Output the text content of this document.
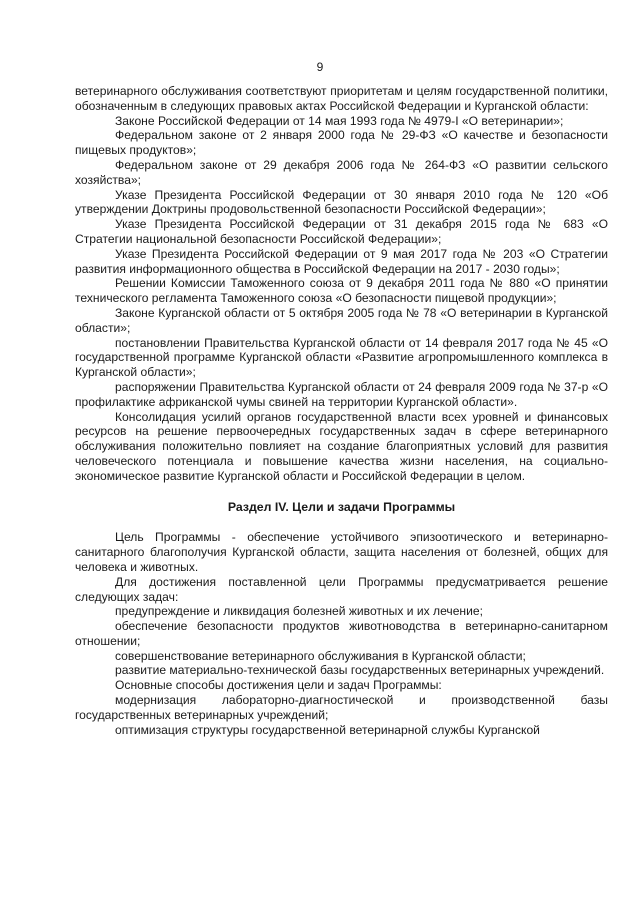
9

ветеринарного обслуживания соответствуют приоритетам и целям государственной политики, обозначенным в следующих правовых актах Российской Федерации и Курганской области:

Законе Российской Федерации от 14 мая 1993 года № 4979-I «О ветеринарии»;

Федеральном законе от 2 января 2000 года № 29-ФЗ «О качестве и безопасности пищевых продуктов»;

Федеральном законе от 29 декабря 2006 года № 264-ФЗ «О развитии сельского хозяйства»;

Указе Президента Российской Федерации от 30 января 2010 года № 120 «Об утверждении Доктрины продовольственной безопасности Российской Федерации»;

Указе Президента Российской Федерации от 31 декабря 2015 года № 683 «О Стратегии национальной безопасности Российской Федерации»;

Указе Президента Российской Федерации от 9 мая 2017 года № 203 «О Стратегии развития информационного общества в Российской Федерации на 2017 - 2030 годы»;

Решении Комиссии Таможенного союза от 9 декабря 2011 года № 880 «О принятии технического регламента Таможенного союза «О безопасности пищевой продукции»;

Законе Курганской области от 5 октября 2005 года № 78 «О ветеринарии в Курганской области»;

постановлении Правительства Курганской области от 14 февраля 2017 года № 45 «О государственной программе Курганской области «Развитие агропромышленного комплекса в Курганской области»;

распоряжении Правительства Курганской области от 24 февраля 2009 года № 37-р «О профилактике африканской чумы свиней на территории Курганской области».

Консолидация усилий органов государственной власти всех уровней и финансовых ресурсов на решение первоочередных государственных задач в сфере ветеринарного обслуживания положительно повлияет на создание благоприятных условий для развития человеческого потенциала и повышение качества жизни населения, на социально-экономическое развитие Курганской области и Российской Федерации в целом.

Раздел IV. Цели и задачи Программы

Цель Программы - обеспечение устойчивого эпизоотического и ветеринарно-санитарного благополучия Курганской области, защита населения от болезней, общих для человека и животных.

Для достижения поставленной цели Программы предусматривается решение следующих задач:

предупреждение и ликвидация болезней животных и их лечение;

обеспечение безопасности продуктов животноводства в ветеринарно-санитарном отношении;

совершенствование ветеринарного обслуживания в Курганской области;

развитие материально-технической базы государственных ветеринарных учреждений.

Основные способы достижения цели и задач Программы:

модернизация лабораторно-диагностической и производственной базы государственных ветеринарных учреждений;

оптимизация структуры государственной ветеринарной службы Курганской
